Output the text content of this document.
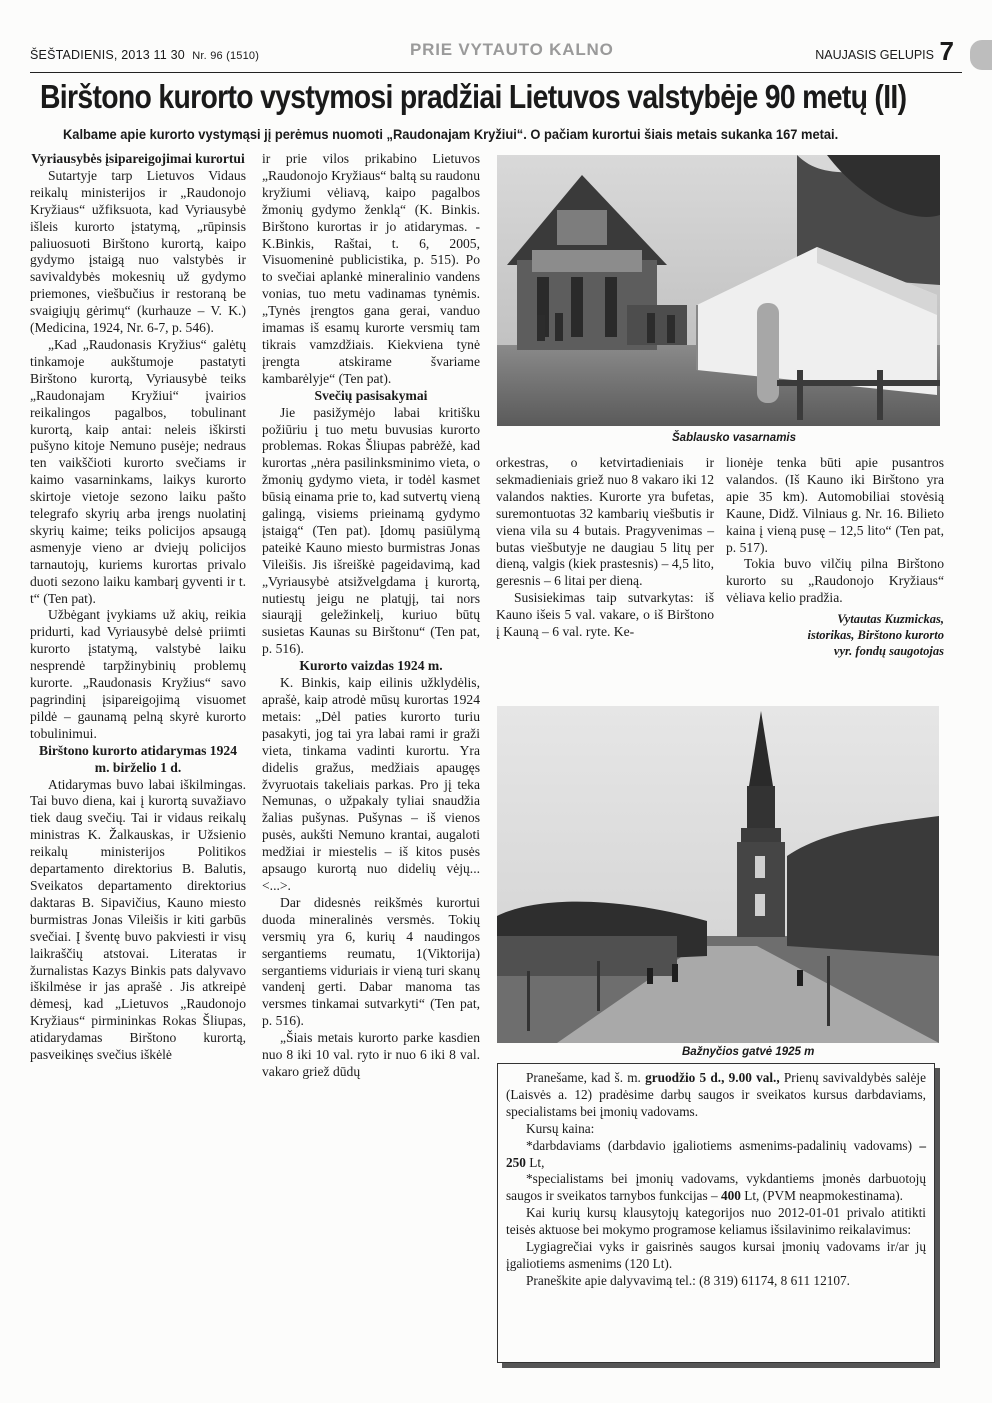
ŠEŠTADIENIS, 2013 11 30 Nr. 96 (1510)	PRIE VYTAUTO KALNO	NAUJASIS GELUPIS 7
Birštono kurorto vystymosi pradžiai Lietuvos valstybėje 90 metų (II)
Kalbame apie kurorto vystymąsi jį perėmus nuomoti „Raudonajam Kryžiui“. O pačiam kurortui šiais metais sukanka 167 metai.
Vyriausybės įsipareigojimai kurortui

Sutartyje tarp Lietuvos Vidaus reikalų ministerijos ir „Raudonojo Kryžiaus“ užfiksuota, kad Vyriausybė išleis kurorto įstatymą, „rūpinsis paliuosuoti Birštono kurortą, kaipo gydymo įstaigą nuo valstybės ir savivaldybės mokesnių už gydymo priemones, viešbučius ir restoraną be svaigiųjų gėrimų“ (kurhauze – V. K.) (Medicina, 1924, Nr. 6-7, p. 546).

„Kad „Raudonasis Kryžius“ galėtų tinkamoje aukštumoje pastatyti Birštono kurortą, Vyriausybė teiks „Raudonajam Kryžiui“ įvairios reikalingos pagalbos, tobulinant kurortą, kaip antai: neleis iškirsti pušyno kitoje Nemuno pusėje; nedraus ten vaikščioti kurorto svečiams ir kaimo vasarninkams, laikys kurorto skirtoje vietoje sezono laiku pašto telegrafo skyrių arba įrengs nuolatinį skyrių kaime; teiks policijos apsaugą asmenyje vieno ar dviejų policijos tarnautojų, kuriems kurortas privalo duoti sezono laiku kambarį gyventi ir t. t“ (Ten pat).

Užbėgant įvykiams už akių, reikia pridurti, kad Vyriausybė delsė priimti kurorto įstatymą, valstybė laiku nesprendė tarpžinybinių problemų kurorte. „Raudonasis Kryžius“ savo pagrindinį įsipareigojimą visuomet pildė – gaunamą pelną skyrė kurorto tobulinimui.

Birštono kurorto atidarymas 1924 m. birželio 1 d.

Atidarymas buvo labai iškilmingas. Tai buvo diena, kai į kurortą suvažiavo tiek daug svečių. Tai ir vidaus reikalų ministras K. Žalkauskas, ir Užsienio reikalų ministerijos Politikos departamento direktorius B. Balutis, Sveikatos departamento direktorius daktaras B. Sipavičius, Kauno miesto burmistras Jonas Vileišis ir kiti garbūs svečiai. Į šventę buvo pakviesti ir visų laikraščių atstovai. Literatas ir žurnalistas Kazys Binkis pats dalyvavo iškilmėse ir jas aprašė . Jis atkreipė dėmesį, kad „Lietuvos „Raudonojo Kryžiaus“ pirmininkas Rokas Šliupas, atidarydamas Birštono kurortą, pasveikinęs svečius iškėlė

ir prie vilos prikabino Lietuvos „Raudonojo Kryžiaus“ baltą su raudonu kryžiumi vėliavą, kaipo pagalbos žmonių gydymo ženklą“ (K. Binkis. Birštono kurortas ir jo atidarymas. - K.Binkis, Raštai, t. 6, 2005, Visuomeninė publicistika, p. 515). Po to svečiai aplankė mineralinio vandens vonias, tuo metu vadinamas tynėmis. „Tynės įrengtos gana gerai, vanduo imamas iš esamų kurorte versmių tam tikrais vamzdžiais. Kiekviena tynė įrengta atskirame švariame kambarėlyje“ (Ten pat).

Svečių pasisakymai

Jie pasižymėjo labai kritišku požiūriu į tuo metu buvusias kurorto problemas. Rokas Šliupas pabrėžė, kad kurortas „nėra pasilinksminimo vieta, o žmonių gydymo vieta, ir todėl kasmet būsią einama prie to, kad sutvertų vieną galingą, visiems prieinamą gydymo įstaigą“ (Ten pat). Įdomų pasiūlymą pateikė Kauno miesto burmistras Jonas Vileišis. Jis išreiškė pageidavimą, kad „Vyriausybė atsižvelgdama į kurortą, nutiestų jeigu ne platųjį, tai nors siaurąjį geležinkelį, kuriuo būtų susietas Kaunas su Birštonu“ (Ten pat, p. 516).

Kurorto vaizdas 1924 m.

K. Binkis, kaip eilinis užklydėlis, aprašė, kaip atrodė mūsų kurortas 1924 metais: „Dėl paties kurorto turiu pasakyti, jog tai yra labai rami ir graži vieta, tinkama vadinti kurortu. Yra didelis gražus, medžiais apaugęs žvyruotais takeliais parkas. Pro jį teka Nemunas, o užpakaly tyliai snaudžia žalias pušynas. Pušynas – iš vienos pusės, aukšti Nemuno krantai, augaloti medžiai ir miestelis – iš kitos pusės apsaugo kurortą nuo didelių vėjų...<...>.

Dar didesnės reikšmės kurortui duoda mineralinės versmės. Tokių versmių yra 6, kurių 4 naudingos sergantiems reumatu, 1(Viktorija) sergantiems viduriais ir vieną turi skanų vandenį gerti. Dabar manoma tas versmes tinkamai sutvarkyti“ (Ten pat, p. 516).

„Šiais metais kurorto parke kasdien nuo 8 iki 10 val. ryto ir nuo 6 iki 8 val. vakaro griež dūdų

Šablausko vasarnamis

orkestras, o ketvirtadieniais ir sekmadieniais griež nuo 8 vakaro iki 12 valandos nakties. Kurorte yra bufetas, suremontuotas 32 kambarių viešbutis ir viena vila su 4 butais. Pragyvenimas – butas viešbutyje ne daugiau 5 litų per dieną, valgis (kiek prastesnis) – 4,5 lito, geresnis – 6 litai per dieną.

Susisiekimas taip sutvarkytas: iš Kauno išeis 5 val. vakare, o iš Birštono į Kauną – 6 val. ryte. Ke-

lionėje tenka būti apie pusantros valandos. (Iš Kauno iki Birštono yra apie 35 km). Automobiliai stovėsią Kaune, Didž. Vilniaus g. Nr. 16. Bilieto kaina į vieną pusę – 12,5 lito“ (Ten pat, p. 517).

Tokia buvo vilčių pilna Birštono kurorto su „Raudonojo Kryžiaus“ vėliava kelio pradžia.

Vytautas Kuzmickas,
istorikas, Birštono kurorto
vyr. fondų saugotojas
Bažnyčios gatvė 1925 m

Pranešame, kad š. m. gruodžio 5 d., 9.00 val., Prienų savivaldybės salėje (Laisvės a. 12) pradėsime darbų saugos ir sveikatos kursus darbdaviams, specialistams bei įmonių vadovams.

Kursų kaina:

*darbdaviams (darbdavio įgaliotiems asmenims-padalinių vadovams) – 250 Lt,

*specialistams bei įmonių vadovams, vykdantiems įmonės darbuotojų saugos ir sveikatos tarnybos funkcijas – 400 Lt, (PVM neapmokestinama).

Kai kurių kursų klausytojų kategorijos nuo 2012-01-01 privalo atitikti teisės aktuose bei mokymo programose keliamus išsilavinimo reikalavimus:

Lygiagrečiai vyks ir gaisrinės saugos kursai įmonių vadovams ir/ar jų įgaliotiems asmenims (120 Lt).

Praneškite apie dalyvavimą tel.: (8 319) 61174, 8 611 12107.
